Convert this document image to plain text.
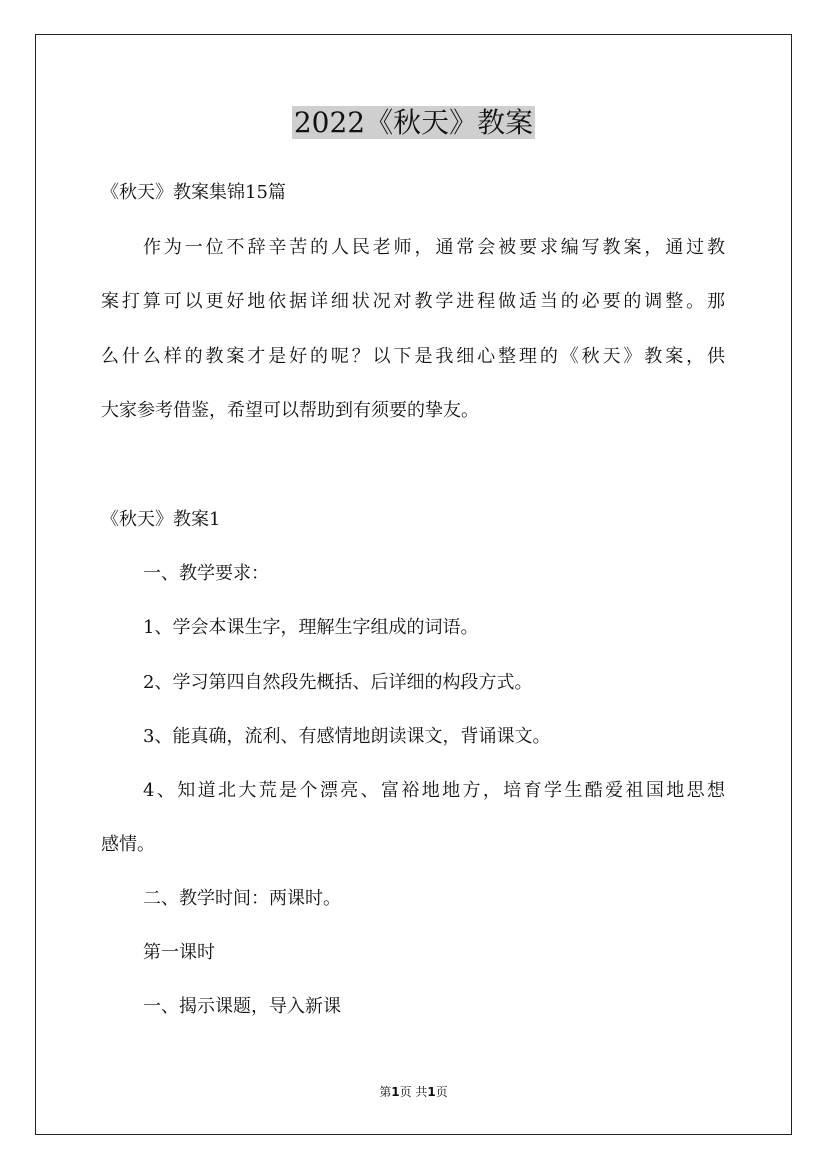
2022《秋天》教案
《秋天》教案集锦15篇
作为一位不辞辛苦的人民老师，通常会被要求编写教案，通过教
案打算可以更好地依据详细状况对教学进程做适当的必要的调整。那
么什么样的教案才是好的呢？以下是我细心整理的《秋天》教案，供
大家参考借鉴，希望可以帮助到有须要的挚友。
《秋天》教案1
一、教学要求：
1、学会本课生字，理解生字组成的词语。
2、学习第四自然段先概括、后详细的构段方式。
3、能真确，流利、有感情地朗读课文，背诵课文。
4、知道北大荒是个漂亮、富裕地地方，培育学生酷爱祖国地思想
感情。
二、教学时间：两课时。
第一课时
一、揭示课题，导入新课
第1页 共1页
